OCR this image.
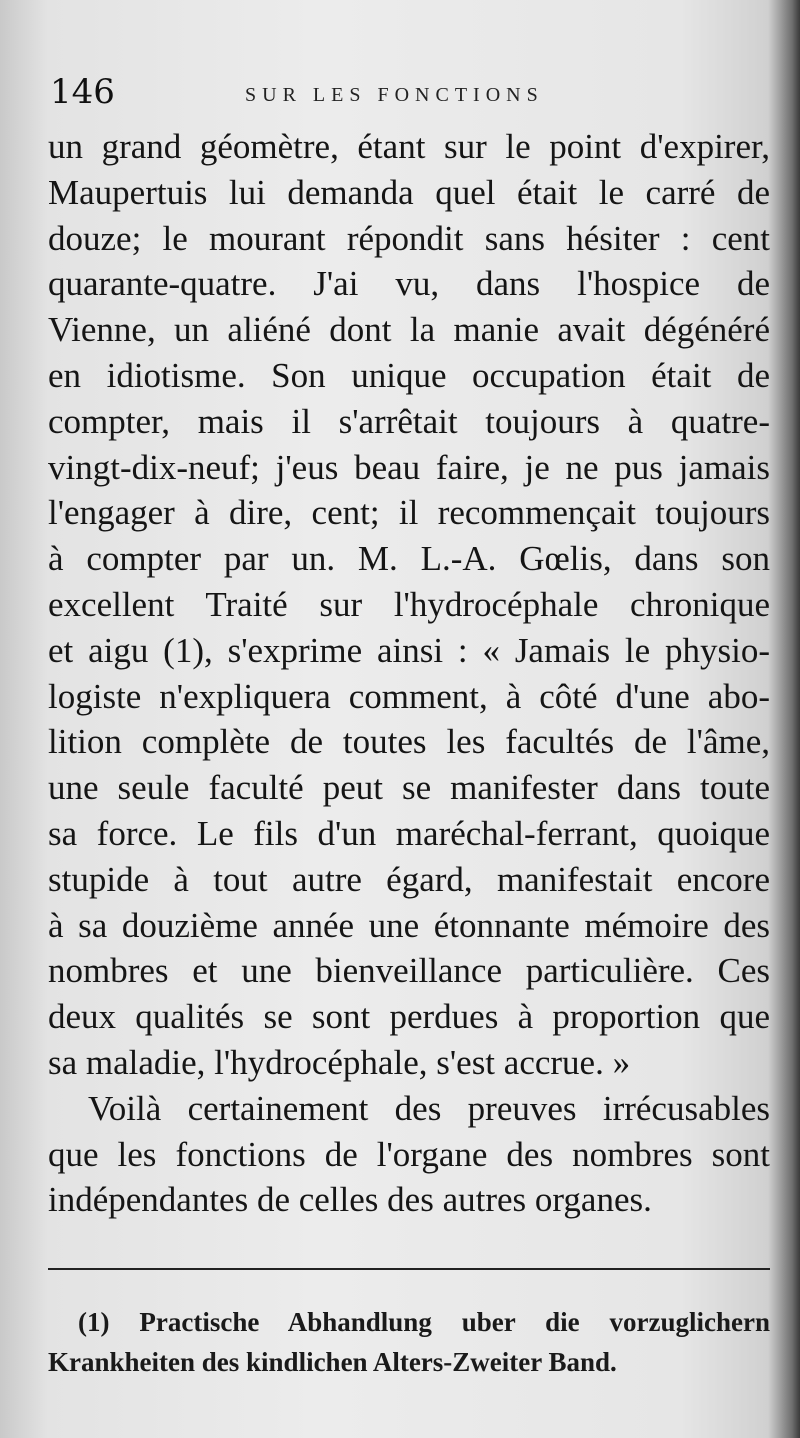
146	SUR LES FONCTIONS
un grand géomètre, étant sur le point d'expirer,
Maupertuis lui demanda quel était le carré de
douze; le mourant répondit sans hésiter : cent
quarante-quatre. J'ai vu, dans l'hospice de
Vienne, un aliéné dont la manie avait dégénéré
en idiotisme. Son unique occupation était de
compter, mais il s'arrêtait toujours à quatre-
vingt-dix-neuf; j'eus beau faire, je ne pus jamais
l'engager à dire, cent; il recommençait toujours
à compter par un. M. L.-A. Gœlis, dans son
excellent Traité sur l'hydrocéphale chronique
et aigu (1), s'exprime ainsi : « Jamais le physio-
logiste n'expliquera comment, à côté d'une abo-
lition complète de toutes les facultés de l'âme,
une seule faculté peut se manifester dans toute
sa force. Le fils d'un maréchal-ferrant, quoique
stupide à tout autre égard, manifestait encore
à sa douzième année une étonnante mémoire des
nombres et une bienveillance particulière. Ces
deux qualités se sont perdues à proportion que
sa maladie, l'hydrocéphale, s'est accrue. »
Voilà certainement des preuves irrécusables
que les fonctions de l'organe des nombres sont
indépendantes de celles des autres organes.
(1) Practische Abhandlung uber die vorzuglichern
Krankheiten des kindlichen Alters-Zweiter Band.
